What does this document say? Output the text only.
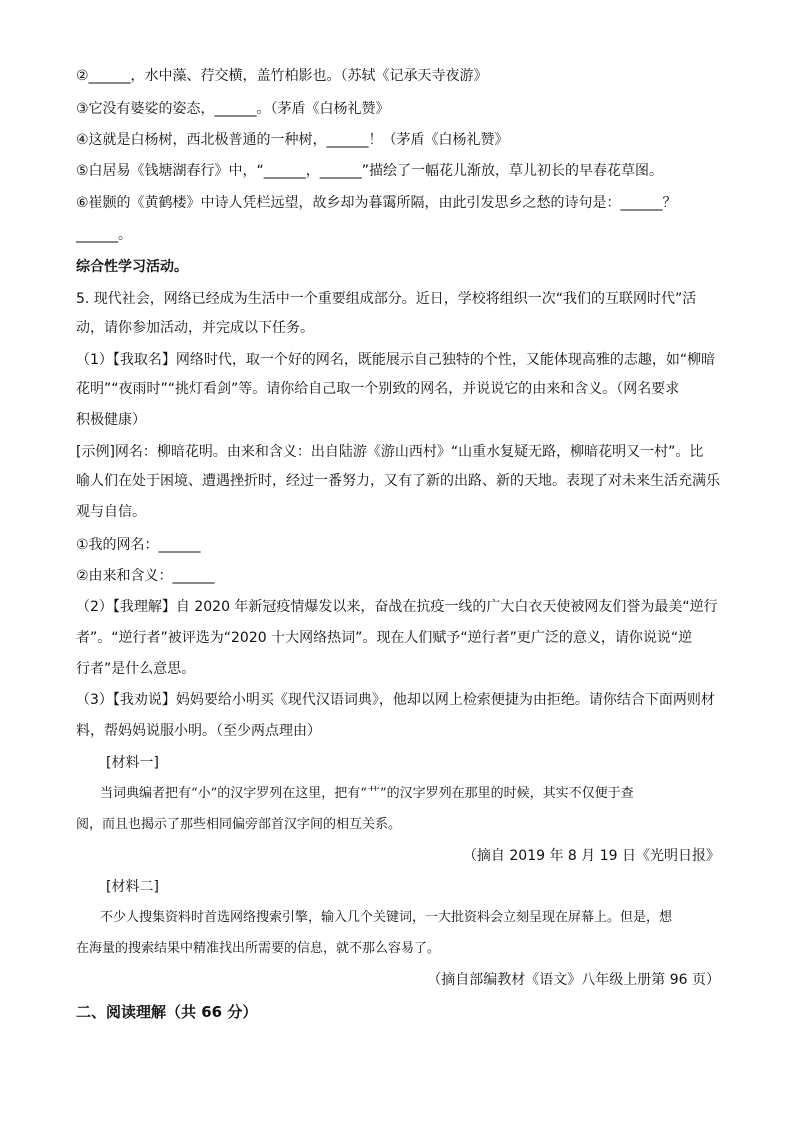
②______，水中藻、荇交横，盖竹柏影也。（苏轼《记承天寺夜游》
③它没有婆娑的姿态，______。（茅盾《白杨礼赞》
④这就是白杨树，西北极普通的一种树，______！（茅盾《白杨礼赞》
⑤白居易《钱塘湖春行》中，“______，______”描绘了一幅花儿渐放，草儿初长的早春花草图。
⑥崔颢的《黄鹤楼》中诗人凭栏远望，故乡却为暮霭所隔，由此引发思乡之愁的诗句是：______？
______。
综合性学习活动。
5. 现代社会，网络已经成为生活中一个重要组成部分。近日，学校将组织一次“我们的互联网时代”活
动，请你参加活动，并完成以下任务。
（1）【我取名】网络时代，取一个好的网名，既能展示自己独特的个性，又能体现高雅的志趣，如“柳暗
花明”“夜雨时”“挑灯看剑”等。请你给自己取一个别致的网名，并说说它的由来和含义。（网名要求
积极健康）
[示例]网名：柳暗花明。由来和含义：出自陆游《游山西村》“山重水复疑无路，柳暗花明又一村”。比
喻人们在处于困境、遭遇挫折时，经过一番努力，又有了新的出路、新的天地。表现了对未来生活充满乐
观与自信。
①我的网名：______
②由来和含义：______
（2）【我理解】自 2020 年新冠疫情爆发以来，奋战在抗疫一线的广大白衣天使被网友们誉为最美“逆行
者”。“逆行者”被评选为“2020 十大网络热词”。现在人们赋予“逆行者”更广泛的意义，请你说说“逆
行者”是什么意思。
（3）【我劝说】妈妈要给小明买《现代汉语词典》，他却以网上检索便捷为由拒绝。请你结合下面两则材
料，帮妈妈说服小明。（至少两点理由）
[材料一]
当词典编者把有“小”的汉字罗列在这里，把有“艹”的汉字罗列在那里的时候，其实不仅便于查
阅，而且也揭示了那些相同偏旁部首汉字间的相互关系。
（摘自 2019 年 8 月 19 日《光明日报》
[材料二]
不少人搜集资料时首选网络搜索引擎，输入几个关键词，一大批资料会立刻呈现在屏幕上。但是，想
在海量的搜索结果中精准找出所需要的信息，就不那么容易了。
（摘自部编教材《语文》八年级上册第 96 页）
二、阅读理解（共 66 分）
